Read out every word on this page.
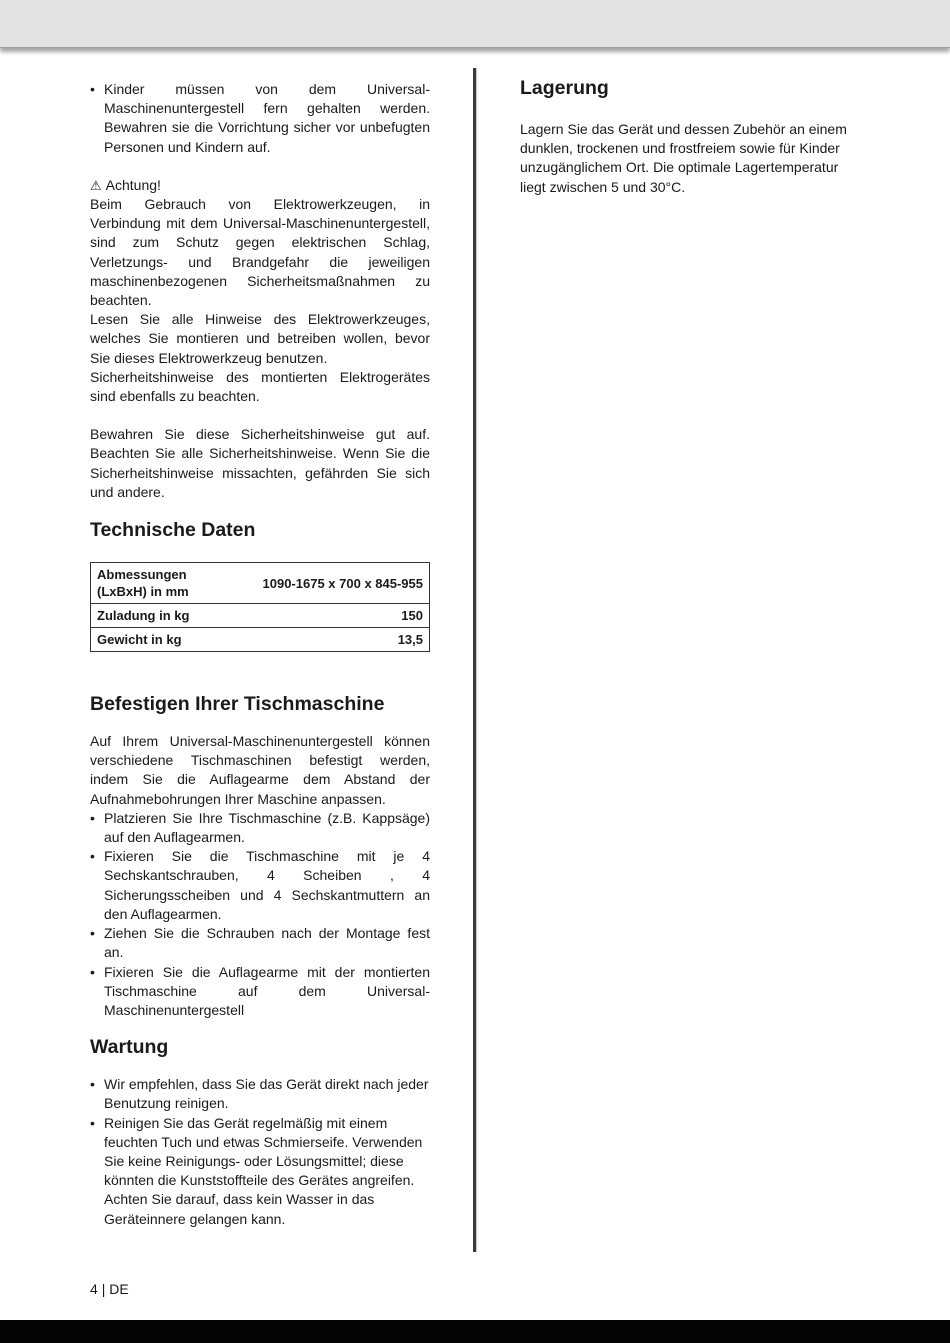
• Kinder müssen von dem Universal-Maschinenuntergestell fern gehalten werden. Bewahren sie die Vorrichtung sicher vor unbefugten Personen und Kindern auf.
⚠ Achtung!

Beim Gebrauch von Elektrowerkzeugen, in Verbindung mit dem Universal-Maschinenuntergestell, sind zum Schutz gegen elektrischen Schlag, Verletzungs- und Brandgefahr die jeweiligen maschinenbezogenen Sicherheitsmaßnahmen zu beachten.

Lesen Sie alle Hinweise des Elektrowerkzeuges, welches Sie montieren und betreiben wollen, bevor Sie dieses Elektrowerkzeug benutzen.

Sicherheitshinweise des montierten Elektrogerätes sind ebenfalls zu beachten.

Bewahren Sie diese Sicherheitshinweise gut auf. Beachten Sie alle Sicherheitshinweise. Wenn Sie die Sicherheitshinweise missachten, gefährden Sie sich und andere.

Technische Daten
Abmessungen (LxBxH) in mm	1090-1675 x 700 x 845-955
Zuladung in kg	150
Gewicht in kg	13,5
Befestigen Ihrer Tischmaschine

Auf Ihrem Universal-Maschinenuntergestell können verschiedene Tischmaschinen befestigt werden, indem Sie die Auflagearme dem Abstand der Aufnahmebohrungen Ihrer Maschine anpassen.

• Platzieren Sie Ihre Tischmaschine (z.B. Kappsäge) auf den Auflagearmen.
• Fixieren Sie die Tischmaschine mit je 4 Sechskantschrauben, 4 Scheiben , 4 Sicherungsscheiben und 4 Sechskantmuttern an den Auflagearmen.
• Ziehen Sie die Schrauben nach der Montage fest an.
• Fixieren Sie die Auflagearme mit der montierten Tischmaschine auf dem Universal-Maschinenuntergestell
Wartung
• Wir empfehlen, dass Sie das Gerät direkt nach jeder Benutzung reinigen.
• Reinigen Sie das Gerät regelmäßig mit einem feuchten Tuch und etwas Schmierseife. Verwenden Sie keine Reinigungs- oder Lösungsmittel; diese könnten die Kunststoffteile des Gerätes angreifen. Achten Sie darauf, dass kein Wasser in das Geräteinnere gelangen kann.
Lagerung

Lagern Sie das Gerät und dessen Zubehör an einem dunklen, trockenen und frostfreiem sowie für Kinder unzugänglichem Ort. Die optimale Lagertemperatur liegt zwischen 5 und 30°C.

4 | DE
